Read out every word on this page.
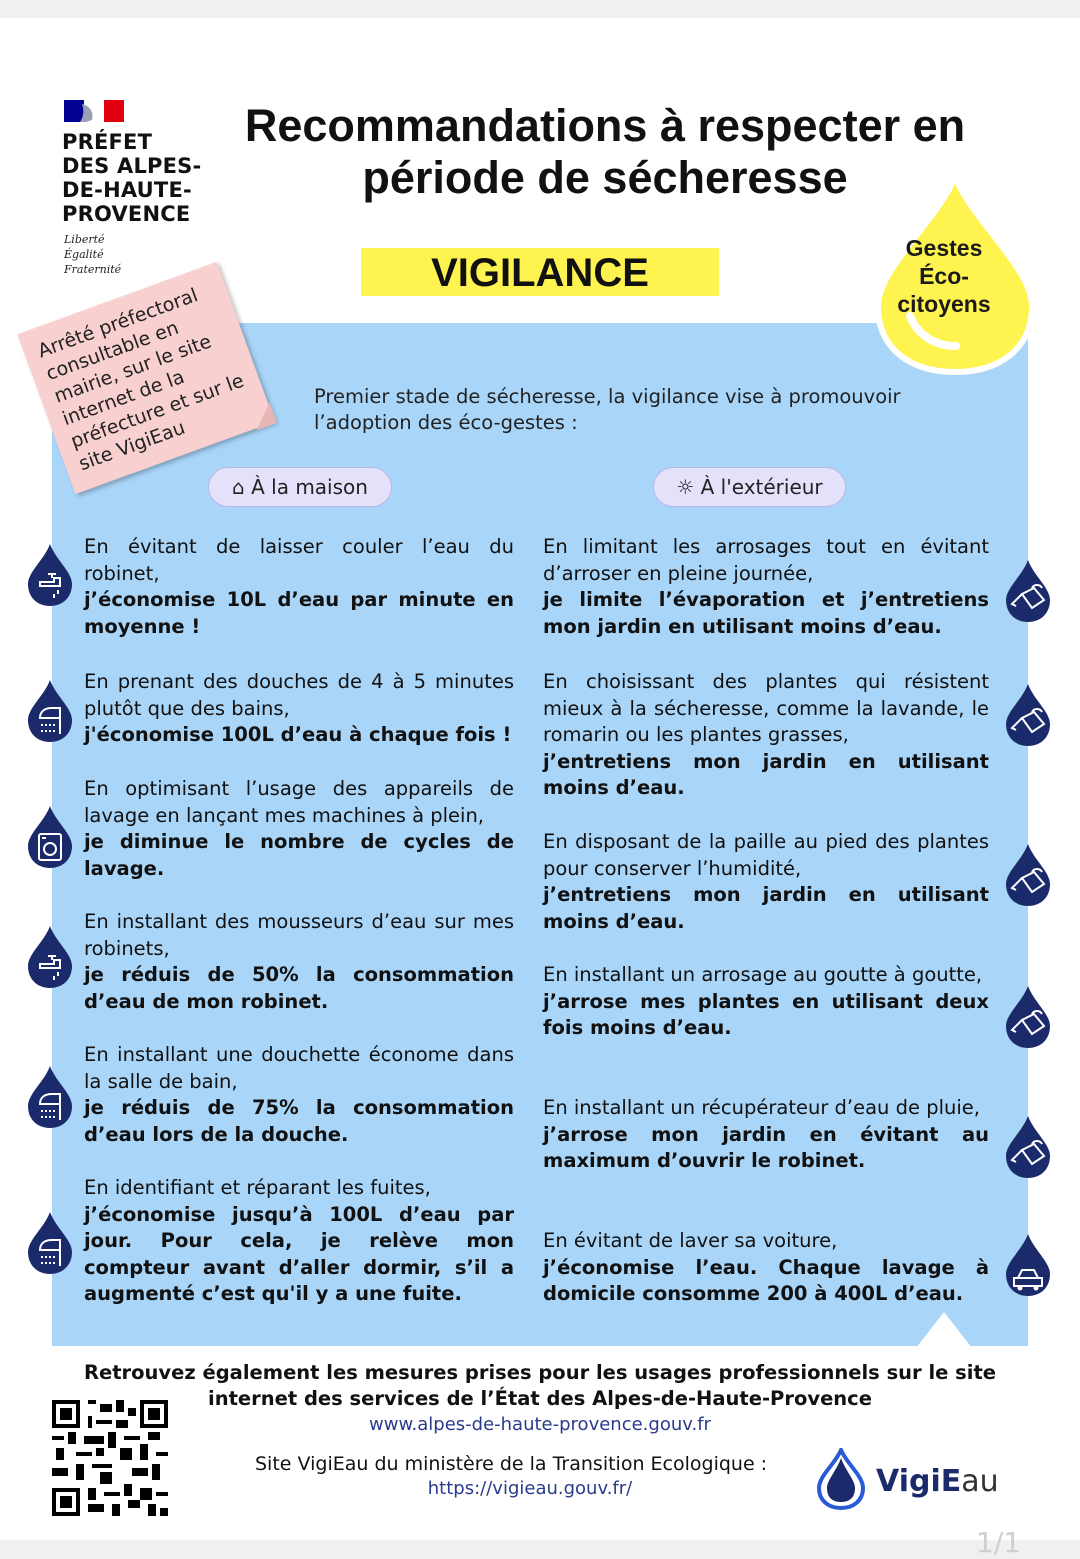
PRÉFET
DES ALPES-
DE-HAUTE-
PROVENCE
Liberté
Égalité
Fraternité
Recommandations à respecter en
période de sécheresse
VIGILANCE
Gestes
Éco-
citoyens
Arrêté préfectoral consultable en mairie, sur le site internet de la préfecture et sur le site VigiEau
Premier stade de sécheresse, la vigilance vise à promouvoir l’adoption des éco-gestes :
⌂ À la maison	☼ À l'extérieur
En évitant de laisser couler l’eau du robinet,
j’économise 10L d’eau par minute en moyenne !
En prenant des douches de 4 à 5 minutes plutôt que des bains,
j'économise 100L d’eau à chaque fois !
En optimisant l’usage des appareils de lavage en lançant mes machines à plein,
je diminue le nombre de cycles de lavage.
En installant des mousseurs d’eau sur mes robinets,
je réduis de 50% la consommation d’eau de mon robinet.
En installant une douchette économe dans la salle de bain,
je réduis de 75% la consommation d’eau lors de la douche.
En identifiant et réparant les fuites,
j’économise jusqu’à 100L d’eau par jour. Pour cela, je relève mon compteur avant d’aller dormir, s’il a augmenté c’est qu'il y a une fuite.
En limitant les arrosages tout en évitant d’arroser en pleine journée,
je limite l’évaporation et j’entretiens mon jardin en utilisant moins d’eau.
En choisissant des plantes qui résistent mieux à la sécheresse, comme la lavande, le romarin ou les plantes grasses,
j’entretiens mon jardin en utilisant moins d’eau.
En disposant de la paille au pied des plantes pour conserver l’humidité,
j’entretiens mon jardin en utilisant moins d’eau.
En installant un arrosage au goutte à goutte,
j’arrose mes plantes en utilisant deux fois moins d’eau.
En installant un récupérateur d’eau de pluie,
j’arrose mon jardin en évitant au maximum d’ouvrir le robinet.
En évitant de laver sa voiture,
j’économise l’eau. Chaque lavage à domicile consomme 200 à 400L d’eau.
Retrouvez également les mesures prises pour les usages professionnels sur le site
internet des services de l’État des Alpes-de-Haute-Provence
www.alpes-de-haute-provence.gouv.fr
Site VigiEau du ministère de la Transition Ecologique :
https://vigieau.gouv.fr/	VigiEau
1/1
